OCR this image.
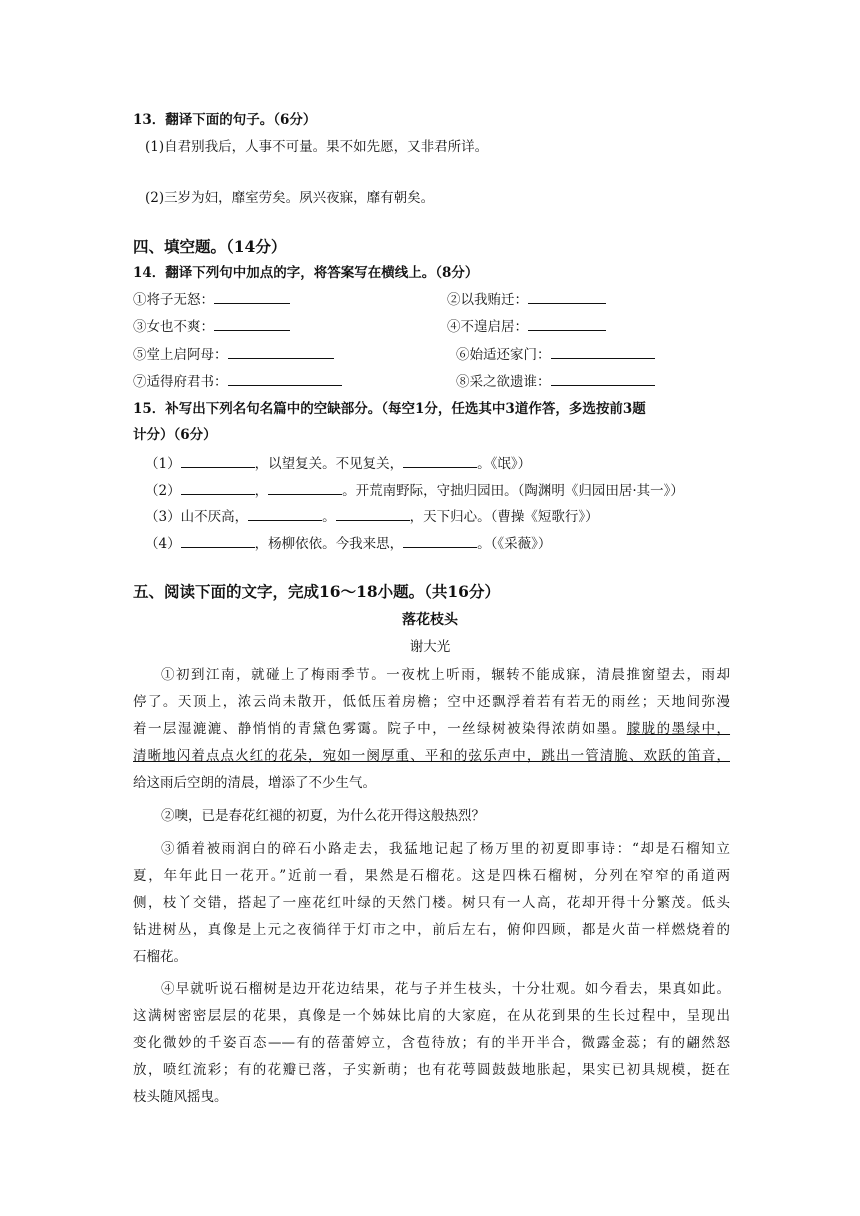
13．翻译下面的句子。（6分）
(1)自君别我后，人事不可量。果不如先愿，又非君所详。
(2)三岁为妇，靡室劳矣。夙兴夜寐，靡有朝矣。
四、填空题。（14分）
14．翻译下列句中加点的字，将答案写在横线上。（8分）
①将子无怒：	②以我贿迁：
③女也不爽：	④不遑启居：
⑤堂上启阿母：	⑥始适还家门：
⑦适得府君书：	⑧采之欲遗谁：
15．补写出下列名句名篇中的空缺部分。（每空1分，任选其中3道作答，多选按前3题
计分）（6分）
（1）	，以望复关。不见复关，	。《氓》）
（2）	，	。开荒南野际，守拙归园田。（陶渊明《归园田居·其一》）
（3）山不厌高，	。	，天下归心。（曹操《短歌行》）
（4）	，杨柳依依。今我来思，	。（《采薇》）
五、阅读下面的文字，完成16～18小题。（共16分）
落花枝头
谢大光
①初到江南，就碰上了梅雨季节。一夜枕上听雨，辗转不能成寐，清晨推窗望去，雨却
停了。天顶上，浓云尚未散开，低低压着房檐；空中还飘浮着若有若无的雨丝；天地间弥漫
着一层湿漉漉、静悄悄的青黛色雾霭。院子中，一丝绿树被染得浓荫如墨。朦胧的墨绿中，
清晰地闪着点点火红的花朵，宛如一阕厚重、平和的弦乐声中，跳出一管清脆、欢跃的笛音，
给这雨后空朗的清晨，增添了不少生气。
②噢，已是春花红褪的初夏，为什么花开得这般热烈？
③循着被雨润白的碎石小路走去，我猛地记起了杨万里的初夏即事诗：“却是石榴知立
夏，年年此日一花开。”近前一看，果然是石榴花。这是四株石榴树，分列在窄窄的甬道两
侧，枝丫交错，搭起了一座花红叶绿的天然门楼。树只有一人高，花却开得十分繁茂。低头
钻进树丛，真像是上元之夜徜徉于灯市之中，前后左右，俯仰四顾，都是火苗一样燃烧着的
石榴花。
④早就听说石榴树是边开花边结果，花与子并生枝头，十分壮观。如今看去，果真如此。
这满树密密层层的花果，真像是一个姊妹比肩的大家庭，在从花到果的生长过程中，呈现出
变化微妙的千姿百态——有的蓓蕾婷立，含苞待放；有的半开半合，微露金蕊；有的翩然怒
放，喷红流彩；有的花瓣已落，子实新萌；也有花萼圆鼓鼓地胀起，果实已初具规模，挺在
枝头随风摇曳。
